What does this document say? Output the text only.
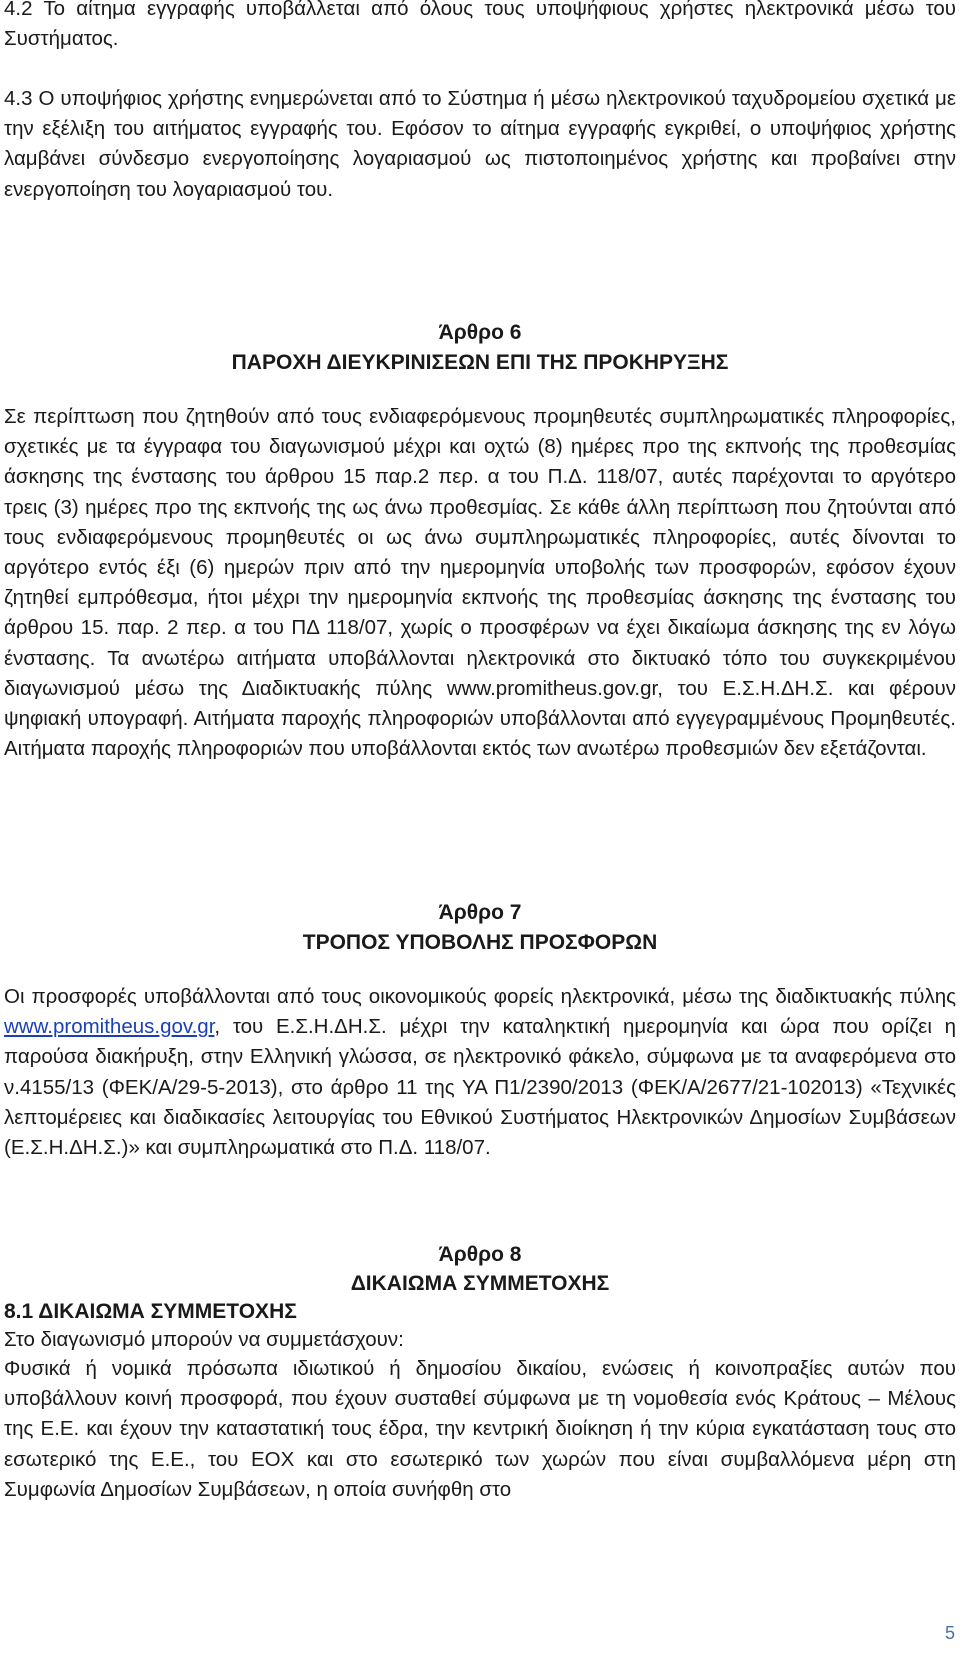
4.2 Το αίτημα εγγραφής υποβάλλεται από όλους τους υποψήφιους χρήστες ηλεκτρονικά μέσω του Συστήματος.

4.3 Ο υποψήφιος χρήστης ενημερώνεται από το Σύστημα ή μέσω ηλεκτρονικού ταχυδρομείου σχετικά με την εξέλιξη του αιτήματος εγγραφής του. Εφόσον το αίτημα εγγραφής εγκριθεί, ο υποψήφιος χρήστης λαμβάνει σύνδεσμο ενεργοποίησης λογαριασμού ως πιστοποιημένος χρήστης και προβαίνει στην ενεργοποίηση του λογαριασμού του.

Άρθρο 6

ΠΑΡΟΧΗ ΔΙΕΥΚΡΙΝΙΣΕΩΝ ΕΠΙ ΤΗΣ ΠΡΟΚΗΡΥΞΗΣ

Σε περίπτωση που ζητηθούν από τους ενδιαφερόμενους προμηθευτές συμπληρωματικές πληροφορίες, σχετικές με τα έγγραφα του διαγωνισμού μέχρι και οχτώ (8) ημέρες προ της εκπνοής της προθεσμίας άσκησης της ένστασης του άρθρου 15 παρ.2 περ. α του Π.Δ. 118/07, αυτές παρέχονται το αργότερο τρεις (3) ημέρες προ της εκπνοής της ως άνω προθεσμίας. Σε κάθε άλλη περίπτωση που ζητούνται από τους ενδιαφερόμενους προμηθευτές οι ως άνω συμπληρωματικές πληροφορίες, αυτές δίνονται το αργότερο εντός έξι (6) ημερών πριν από την ημερομηνία υποβολής των προσφορών, εφόσον έχουν ζητηθεί εμπρόθεσμα, ήτοι μέχρι την ημερομηνία εκπνοής της προθεσμίας άσκησης της ένστασης του άρθρου 15. παρ. 2 περ. α του ΠΔ 118/07, χωρίς ο προσφέρων να έχει δικαίωμα άσκησης της εν λόγω ένστασης. Τα ανωτέρω αιτήματα υποβάλλονται ηλεκτρονικά στο δικτυακό τόπο του συγκεκριμένου διαγωνισμού μέσω της Διαδικτυακής πύλης www.promitheus.gov.gr, του Ε.Σ.Η.ΔΗ.Σ. και φέρουν ψηφιακή υπογραφή. Αιτήματα παροχής πληροφοριών υποβάλλονται από εγγεγραμμένους Προμηθευτές. Αιτήματα παροχής πληροφοριών που υποβάλλονται εκτός των ανωτέρω προθεσμιών δεν εξετάζονται.

Άρθρο 7

ΤΡΟΠΟΣ ΥΠΟΒΟΛΗΣ ΠΡΟΣΦΟΡΩΝ

Οι προσφορές υποβάλλονται από τους οικονομικούς φορείς ηλεκτρονικά, μέσω της διαδικτυακής πύλης www.promitheus.gov.gr, του Ε.Σ.Η.ΔΗ.Σ. μέχρι την καταληκτική ημερομηνία και ώρα που ορίζει η παρούσα διακήρυξη, στην Ελληνική γλώσσα, σε ηλεκτρονικό φάκελο, σύμφωνα με τα αναφερόμενα στο ν.4155/13 (ΦΕΚ/Α/29-5-2013), στο άρθρο 11 της ΥΑ Π1/2390/2013 (ΦΕΚ/Α/2677/21-102013) «Τεχνικές λεπτομέρειες και διαδικασίες λειτουργίας του Εθνικού Συστήματος Ηλεκτρονικών Δημοσίων Συμβάσεων (Ε.Σ.Η.ΔΗ.Σ.)» και συμπληρωματικά στο Π.Δ. 118/07.

Άρθρο 8

ΔΙΚΑΙΩΜΑ ΣΥΜΜΕΤΟΧΗΣ

8.1 ΔΙΚΑΙΩΜΑ ΣΥΜΜΕΤΟΧΗΣ

Στο διαγωνισμό μπορούν να συμμετάσχουν:

Φυσικά ή νομικά πρόσωπα ιδιωτικού ή δημοσίου δικαίου, ενώσεις ή κοινοπραξίες αυτών που υποβάλλουν κοινή προσφορά, που έχουν συσταθεί σύμφωνα με τη νομοθεσία ενός Κράτους – Μέλους της Ε.Ε. και έχουν την καταστατική τους έδρα, την κεντρική διοίκηση ή την κύρια εγκατάσταση τους στο εσωτερικό της Ε.Ε., του ΕΟΧ και στο εσωτερικό των χωρών που είναι συμβαλλόμενα μέρη στη Συμφωνία Δημοσίων Συμβάσεων, η οποία συνήφθη στο

5
